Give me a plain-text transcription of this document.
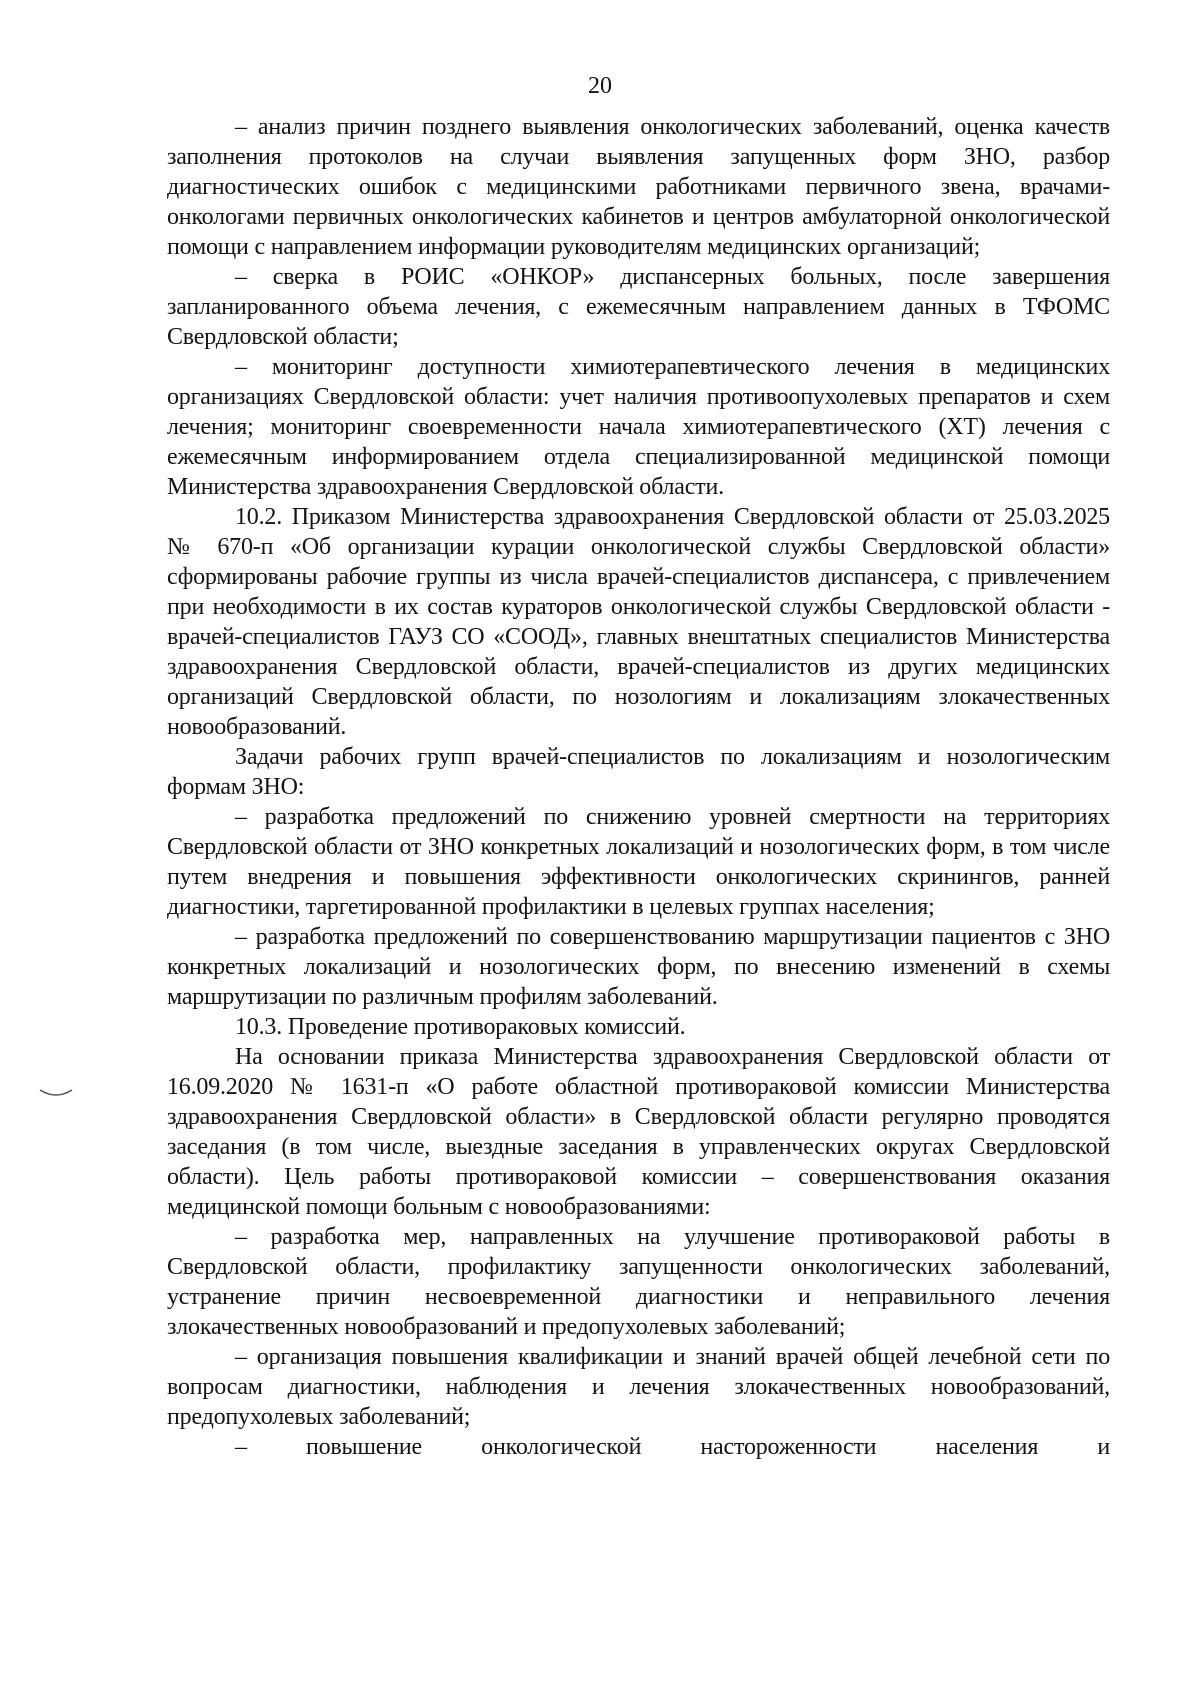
20

– анализ причин позднего выявления онкологических заболеваний, оценка качеств заполнения протоколов на случаи выявления запущенных форм ЗНО, разбор диагностических ошибок с медицинскими работниками первичного звена, врачами-онкологами первичных онкологических кабинетов и центров амбулаторной онкологической помощи с направлением информации руководителям медицинских организаций;

– сверка в РОИС «ОНКОР» диспансерных больных, после завершения запланированного объема лечения, с ежемесячным направлением данных в ТФОМС Свердловской области;

– мониторинг доступности химиотерапевтического лечения в медицинских организациях Свердловской области: учет наличия противоопухолевых препаратов и схем лечения; мониторинг своевременности начала химиотерапевтического (ХТ) лечения с ежемесячным информированием отдела специализированной медицинской помощи Министерства здравоохранения Свердловской области.

10.2. Приказом Министерства здравоохранения Свердловской области от 25.03.2025 № 670-п «Об организации курации онкологической службы Свердловской области» сформированы рабочие группы из числа врачей-специалистов диспансера, с привлечением при необходимости в их состав кураторов онкологической службы Свердловской области - врачей-специалистов ГАУЗ СО «СООД», главных внештатных специалистов Министерства здравоохранения Свердловской области, врачей-специалистов из других медицинских организаций Свердловской области, по нозологиям и локализациям злокачественных новообразований.

Задачи рабочих групп врачей-специалистов по локализациям и нозологическим формам ЗНО:

– разработка предложений по снижению уровней смертности на территориях Свердловской области от ЗНО конкретных локализаций и нозологических форм, в том числе путем внедрения и повышения эффективности онкологических скринингов, ранней диагностики, таргетированной профилактики в целевых группах населения;

– разработка предложений по совершенствованию маршрутизации пациентов с ЗНО конкретных локализаций и нозологических форм, по внесению изменений в схемы маршрутизации по различным профилям заболеваний.

10.3. Проведение противораковых комиссий.

На основании приказа Министерства здравоохранения Свердловской области от 16.09.2020 № 1631-п «О работе областной противораковой комиссии Министерства здравоохранения Свердловской области» в Свердловской области регулярно проводятся заседания (в том числе, выездные заседания в управленческих округах Свердловской области). Цель работы противораковой комиссии – совершенствования оказания медицинской помощи больным с новообразованиями:

– разработка мер, направленных на улучшение противораковой работы в Свердловской области, профилактику запущенности онкологических заболеваний, устранение причин несвоевременной диагностики и неправильного лечения злокачественных новообразований и предопухолевых заболеваний;

– организация повышения квалификации и знаний врачей общей лечебной сети по вопросам диагностики, наблюдения и лечения злокачественных новообразований, предопухолевых заболеваний;

– повышение онкологической настороженности населения и
